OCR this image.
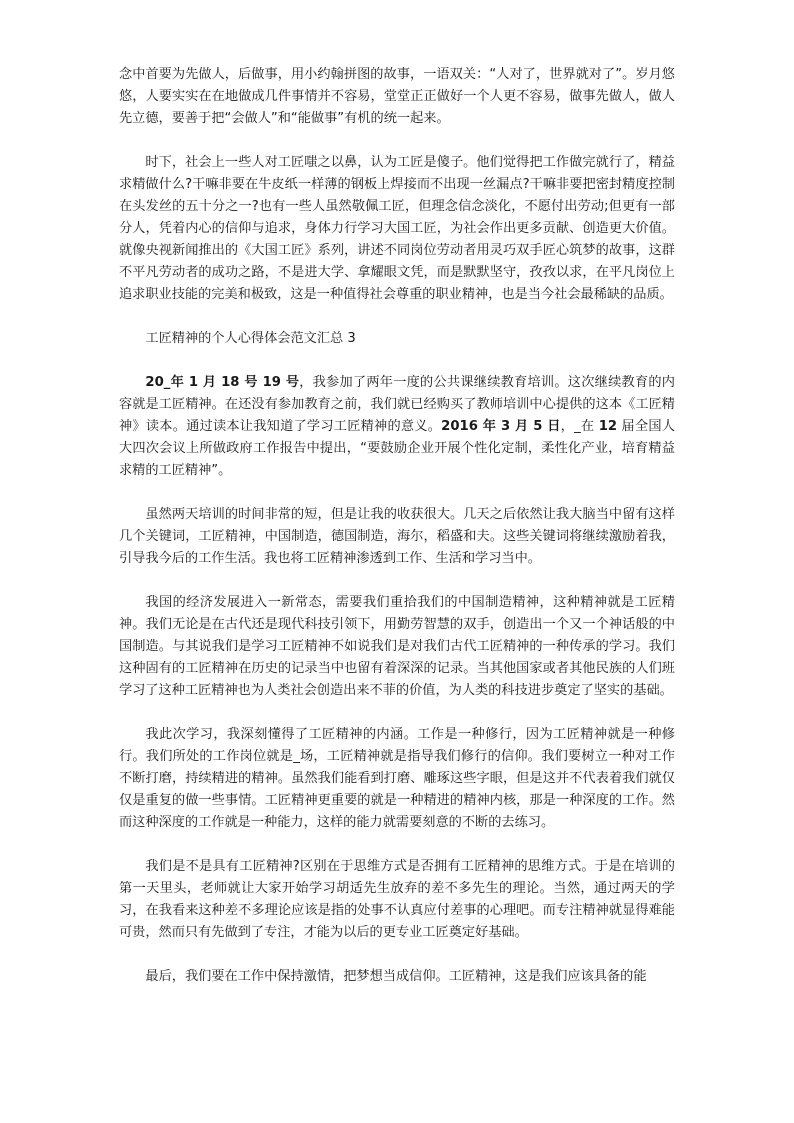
念中首要为先做人，后做事，用小约翰拼图的故事，一语双关：“人对了，世界就对了”。岁月悠悠，人要实实在在地做成几件事情并不容易，堂堂正正做好一个人更不容易，做事先做人，做人先立德，要善于把“会做人”和“能做事”有机的统一起来。

时下，社会上一些人对工匠嗤之以鼻，认为工匠是傻子。他们觉得把工作做完就行了，精益求精做什么?干嘛非要在牛皮纸一样薄的钢板上焊接而不出现一丝漏点?干嘛非要把密封精度控制在头发丝的五十分之一?也有一些人虽然敬佩工匠，但理念信念淡化，不愿付出劳动;但更有一部分人，凭着内心的信仰与追求，身体力行学习大国工匠，为社会作出更多贡献、创造更大价值。就像央视新闻推出的《大国工匠》系列，讲述不同岗位劳动者用灵巧双手匠心筑梦的故事，这群不平凡劳动者的成功之路，不是进大学、拿耀眼文凭，而是默默坚守，孜孜以求，在平凡岗位上追求职业技能的完美和极致，这是一种值得社会尊重的职业精神，也是当今社会最稀缺的品质。

工匠精神的个人心得体会范文汇总 3

20_年 1 月 18 号 19 号，我参加了两年一度的公共课继续教育培训。这次继续教育的内容就是工匠精神。在还没有参加教育之前，我们就已经购买了教师培训中心提供的这本《工匠精神》读本。通过读本让我知道了学习工匠精神的意义。2016 年 3 月 5 日，_在 12 届全国人大四次会议上所做政府工作报告中提出，“要鼓励企业开展个性化定制，柔性化产业，培育精益求精的工匠精神”。

虽然两天培训的时间非常的短，但是让我的收获很大。几天之后依然让我大脑当中留有这样几个关键词，工匠精神，中国制造，德国制造，海尔，稻盛和夫。这些关键词将继续激励着我，引导我今后的工作生活。我也将工匠精神渗透到工作、生活和学习当中。

我国的经济发展进入一新常态，需要我们重拾我们的中国制造精神，这种精神就是工匠精神。我们无论是在古代还是现代科技引领下，用勤劳智慧的双手，创造出一个又一个神话般的中国制造。与其说我们是学习工匠精神不如说我们是对我们古代工匠精神的一种传承的学习。我们这种固有的工匠精神在历史的记录当中也留有着深深的记录。当其他国家或者其他民族的人们班学习了这种工匠精神也为人类社会创造出来不菲的价值，为人类的科技进步奠定了坚实的基础。

我此次学习，我深刻懂得了工匠精神的内涵。工作是一种修行，因为工匠精神就是一种修行。我们所处的工作岗位就是_场，工匠精神就是指导我们修行的信仰。我们要树立一种对工作不断打磨，持续精进的精神。虽然我们能看到打磨、雕琢这些字眼，但是这并不代表着我们就仅仅是重复的做一些事情。工匠精神更重要的就是一种精进的精神内核，那是一种深度的工作。然而这种深度的工作就是一种能力，这样的能力就需要刻意的不断的去练习。

我们是不是具有工匠精神?区别在于思维方式是否拥有工匠精神的思维方式。于是在培训的第一天里头，老师就让大家开始学习胡适先生放弃的差不多先生的理论。当然，通过两天的学习，在我看来这种差不多理论应该是指的处事不认真应付差事的心理吧。而专注精神就显得难能可贵，然而只有先做到了专注，才能为以后的更专业工匠奠定好基础。

最后，我们要在工作中保持激情，把梦想当成信仰。工匠精神，这是我们应该具备的能
